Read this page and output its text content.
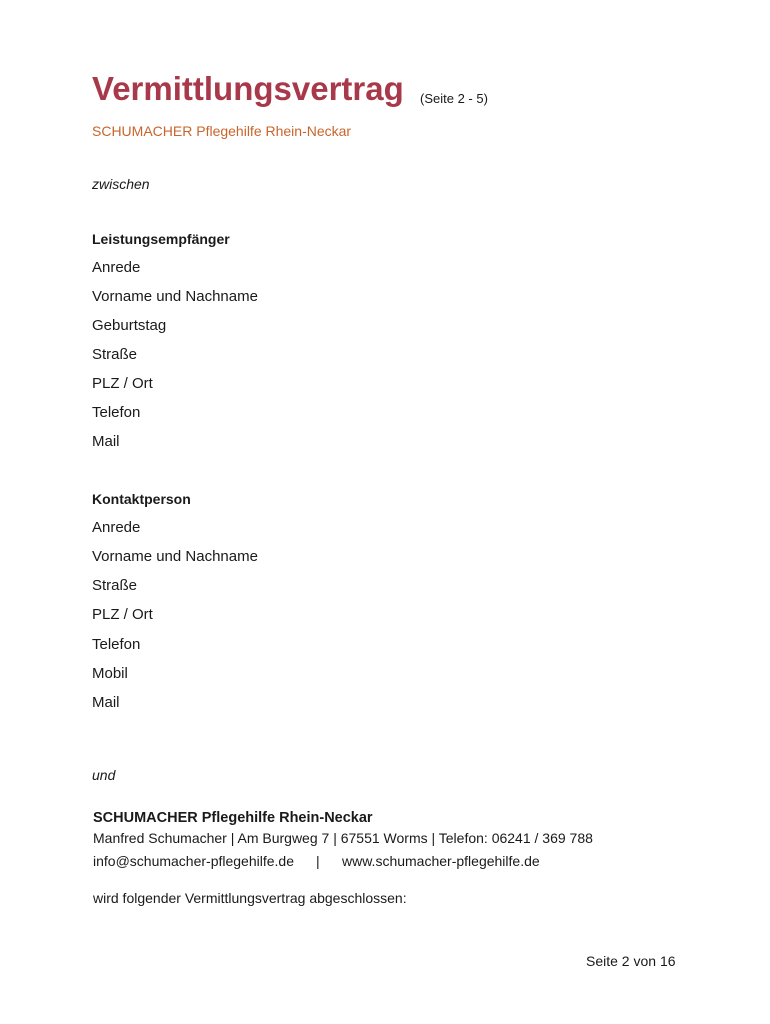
Vermittlungsvertrag (Seite 2 - 5)
SCHUMACHER Pflegehilfe Rhein-Neckar
zwischen
Leistungsempfänger
Anrede
Vorname und Nachname
Geburtstag
Straße
PLZ / Ort
Telefon
Mail
Kontaktperson
Anrede
Vorname und Nachname
Straße
PLZ / Ort
Telefon
Mobil
Mail
und
SCHUMACHER Pflegehilfe Rhein-Neckar
Manfred Schumacher | Am Burgweg 7 | 67551 Worms | Telefon: 06241 / 369 788
info@schumacher-pflegehilfe.de | www.schumacher-pflegehilfe.de
wird folgender Vermittlungsvertrag abgeschlossen:
Seite 2 von 16
